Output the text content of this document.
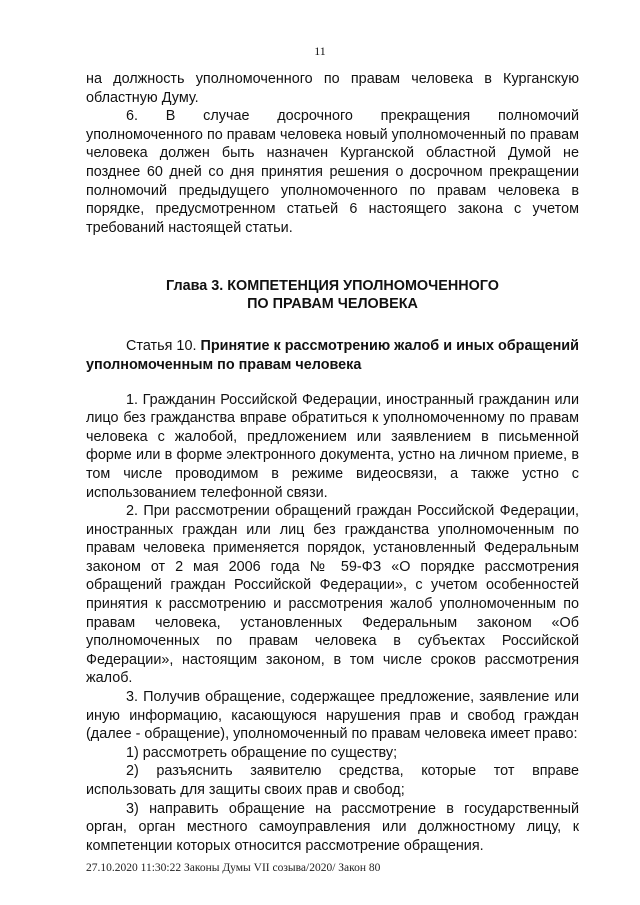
11

на должность уполномоченного по правам человека в Курганскую областную Думу.

6. В случае досрочного прекращения полномочий уполномоченного по правам человека новый уполномоченный по правам человека должен быть назначен Курганской областной Думой не позднее 60 дней со дня принятия решения о досрочном прекращении полномочий предыдущего уполномоченного по правам человека в порядке, предусмотренном статьей 6 настоящего закона с учетом требований настоящей статьи.

Глава 3. КОМПЕТЕНЦИЯ УПОЛНОМОЧЕННОГО
ПО ПРАВАМ ЧЕЛОВЕКА

Статья 10. Принятие к рассмотрению жалоб и иных обращений уполномоченным по правам человека

1. Гражданин Российской Федерации, иностранный гражданин или лицо без гражданства вправе обратиться к уполномоченному по правам человека с жалобой, предложением или заявлением в письменной форме или в форме электронного документа, устно на личном приеме, в том числе проводимом в режиме видеосвязи, а также устно с использованием телефонной связи.

2. При рассмотрении обращений граждан Российской Федерации, иностранных граждан или лиц без гражданства уполномоченным по правам человека применяется порядок, установленный Федеральным законом от 2 мая 2006 года № 59-ФЗ «О порядке рассмотрения обращений граждан Российской Федерации», с учетом особенностей принятия к рассмотрению и рассмотрения жалоб уполномоченным по правам человека, установленных Федеральным законом «Об уполномоченных по правам человека в субъектах Российской Федерации», настоящим законом, в том числе сроков рассмотрения жалоб.

3. Получив обращение, содержащее предложение, заявление или иную информацию, касающуюся нарушения прав и свобод граждан (далее - обращение), уполномоченный по правам человека имеет право:

1) рассмотреть обращение по существу;

2) разъяснить заявителю средства, которые тот вправе использовать для защиты своих прав и свобод;

3) направить обращение на рассмотрение в государственный орган, орган местного самоуправления или должностному лицу, к компетенции которых относится рассмотрение обращения.

27.10.2020 11:30:22 Законы Думы VII созыва/2020/ Закон 80
